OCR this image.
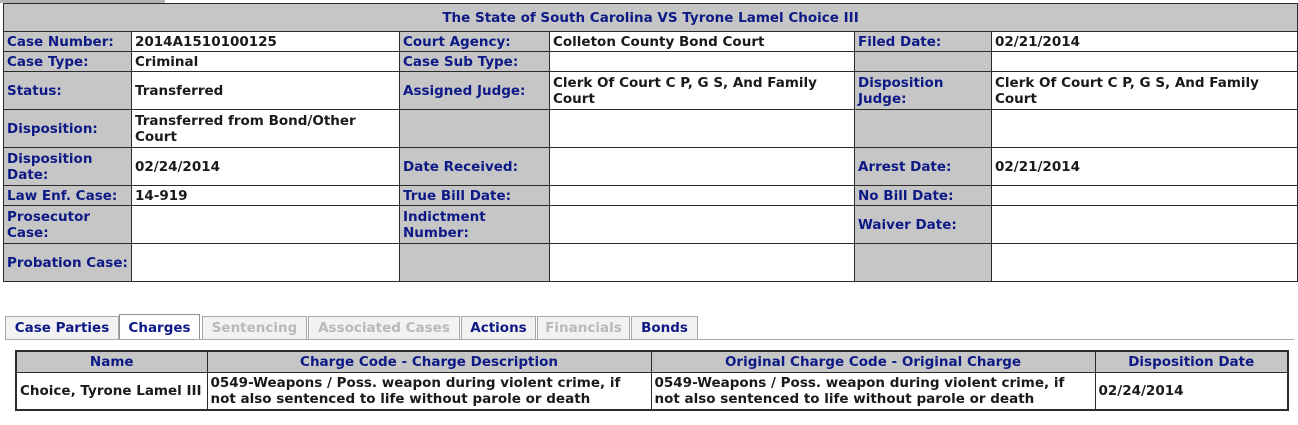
The State of South Carolina VS Tyrone Lamel Choice III					
Case Number:	2014A1510100125	Court Agency:	Colleton County Bond Court	Filed Date:	02/21/2014
Case Type:	Criminal	Case Sub Type:			
Status:	Transferred	Assigned Judge:	Clerk Of Court C P, G S, And Family Court	Disposition Judge:	Clerk Of Court C P, G S, And Family Court
Disposition:	Transferred from Bond/Other Court				
Disposition Date:	02/24/2014	Date Received:		Arrest Date:	02/21/2014
Law Enf. Case:	14-919	True Bill Date:		No Bill Date:	
Prosecutor Case:		Indictment Number:		Waiver Date:	
Probation Case:					
Case Parties	Charges	Sentencing	Associated Cases	Actions	Financials	Bonds
Name	Charge Code - Charge Description	Original Charge Code - Original Charge	Disposition Date
Choice, Tyrone Lamel III	0549-Weapons / Poss. weapon during violent crime, if not also sentenced to life without parole or death	0549-Weapons / Poss. weapon during violent crime, if not also sentenced to life without parole or death	02/24/2014
